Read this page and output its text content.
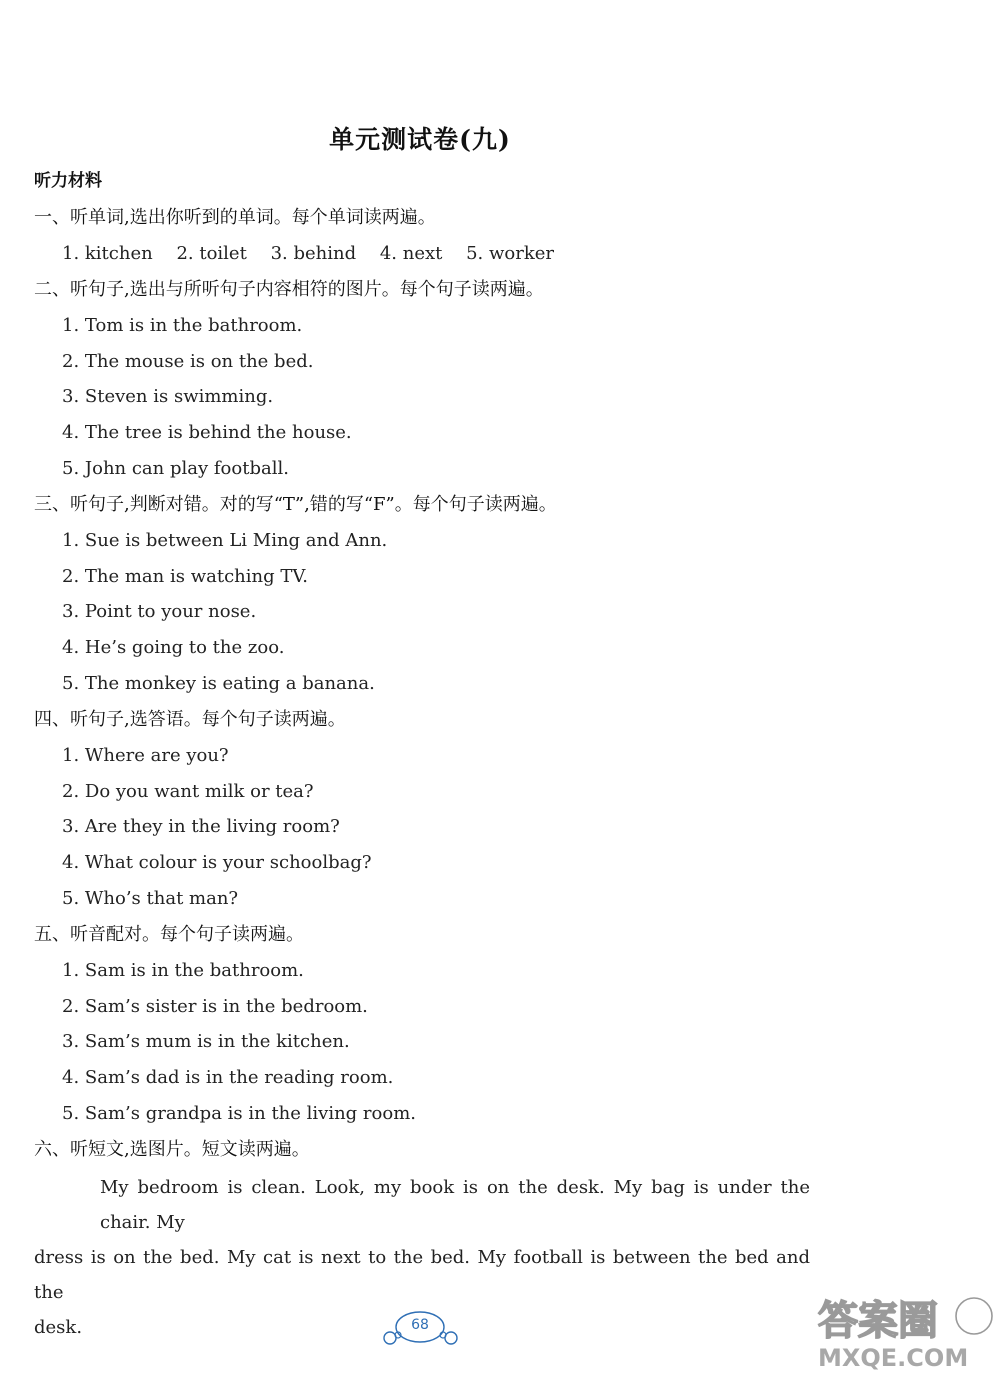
单元测试卷(九)
听力材料
一、听单词,选出你听到的单词。每个单词读两遍。
1. kitchen 2. toilet 3. behind 4. next 5. worker
二、听句子,选出与所听句子内容相符的图片。每个句子读两遍。
1. Tom is in the bathroom.
2. The mouse is on the bed.
3. Steven is swimming.
4. The tree is behind the house.
5. John can play football.
三、听句子,判断对错。对的写“T”,错的写“F”。每个句子读两遍。
1. Sue is between Li Ming and Ann.
2. The man is watching TV.
3. Point to your nose.
4. He’s going to the zoo.
5. The monkey is eating a banana.
四、听句子,选答语。每个句子读两遍。
1. Where are you?
2. Do you want milk or tea?
3. Are they in the living room?
4. What colour is your schoolbag?
5. Who’s that man?
五、听音配对。每个句子读两遍。
1. Sam is in the bathroom.
2. Sam’s sister is in the bedroom.
3. Sam’s mum is in the kitchen.
4. Sam’s dad is in the reading room.
5. Sam’s grandpa is in the living room.
六、听短文,选图片。短文读两遍。

My bedroom is clean. Look, my book is on the desk. My bag is under the chair. My

dress is on the bed. My cat is next to the bed. My football is between the bed and the

desk.	68	答案圈
MXQE.COM
